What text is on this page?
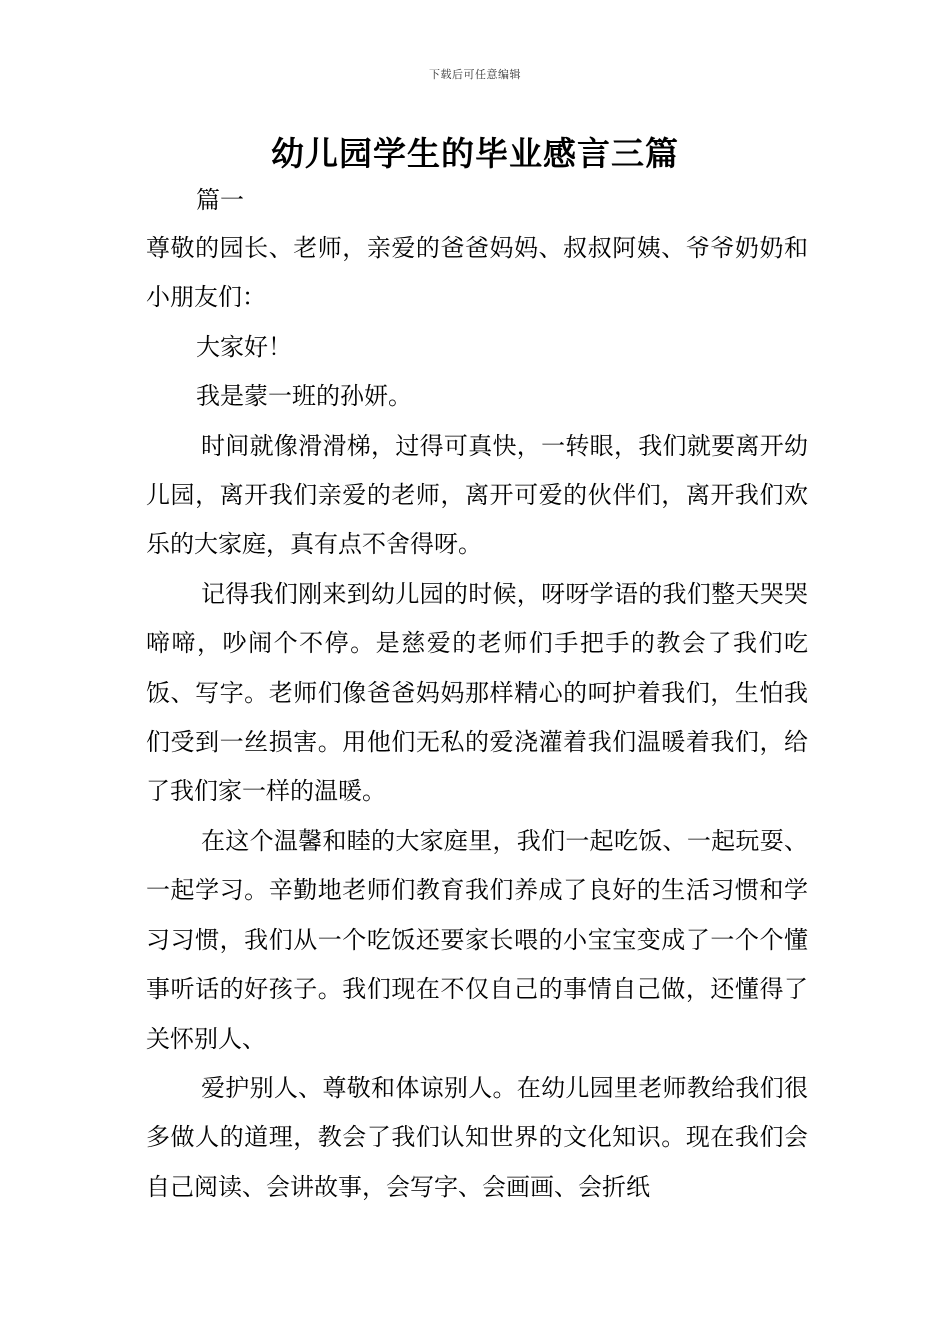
下载后可任意编辑
幼儿园学生的毕业感言三篇
篇一

尊敬的园长、老师，亲爱的爸爸妈妈、叔叔阿姨、爷爷奶奶和小朋友们：

大家好！

我是蒙一班的孙妍。

时间就像滑滑梯，过得可真快，一转眼，我们就要离开幼儿园，离开我们亲爱的老师，离开可爱的伙伴们，离开我们欢乐的大家庭，真有点不舍得呀。

记得我们刚来到幼儿园的时候，呀呀学语的我们整天哭哭啼啼，吵闹个不停。是慈爱的老师们手把手的教会了我们吃饭、写字。老师们像爸爸妈妈那样精心的呵护着我们，生怕我们受到一丝损害。用他们无私的爱浇灌着我们温暖着我们，给了我们家一样的温暖。

在这个温馨和睦的大家庭里，我们一起吃饭、一起玩耍、一起学习。辛勤地老师们教育我们养成了良好的生活习惯和学习习惯，我们从一个吃饭还要家长喂的小宝宝变成了一个个懂事听话的好孩子。我们现在不仅自己的事情自己做，还懂得了关怀别人、

爱护别人、尊敬和体谅别人。在幼儿园里老师教给我们很多做人的道理，教会了我们认知世界的文化知识。现在我们会自己阅读、会讲故事，会写字、会画画、会折纸
